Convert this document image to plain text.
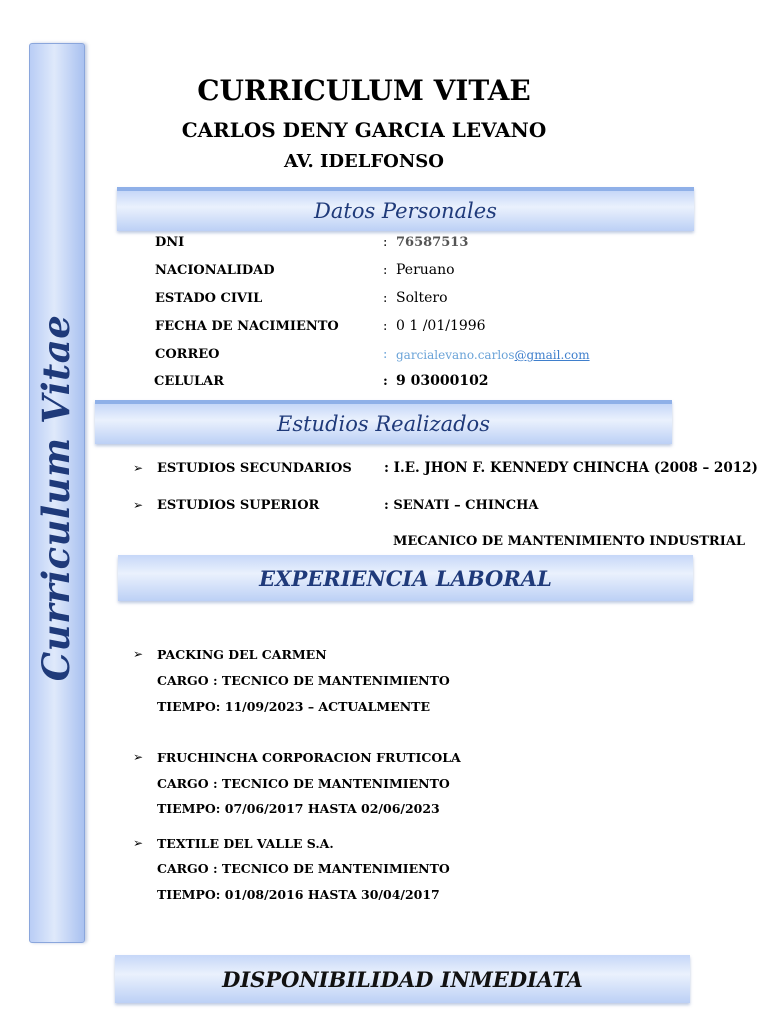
Curriculum Vitae
CURRICULUM VITAE
CARLOS DENY GARCIA LEVANO
AV. IDELFONSO
Datos Personales
DNI	: 76587513
NACIONALIDAD	: Peruano
ESTADO CIVIL	: Soltero
FECHA DE NACIMIENTO	: 0 1 /01/1996
CORREO	: garcialevano.carlos@gmail.com
CELULAR	: 9 03000102
Estudios Realizados
➢ ESTUDIOS SECUNDARIOS : I.E. JHON F. KENNEDY CHINCHA (2008 – 2012)
➢ ESTUDIOS SUPERIOR	: SENATI – CHINCHA
MECANICO DE MANTENIMIENTO INDUSTRIAL
EXPERIENCIA LABORAL
➢ PACKING DEL CARMEN
CARGO : TECNICO DE MANTENIMIENTO
TIEMPO: 11/09/2023 – ACTUALMENTE
➢ FRUCHINCHA CORPORACION FRUTICOLA
CARGO : TECNICO DE MANTENIMIENTO
TIEMPO: 07/06/2017 HASTA 02/06/2023
➢ TEXTILE DEL VALLE S.A.
CARGO : TECNICO DE MANTENIMIENTO
TIEMPO: 01/08/2016 HASTA 30/04/2017
DISPONIBILIDAD INMEDIATA
